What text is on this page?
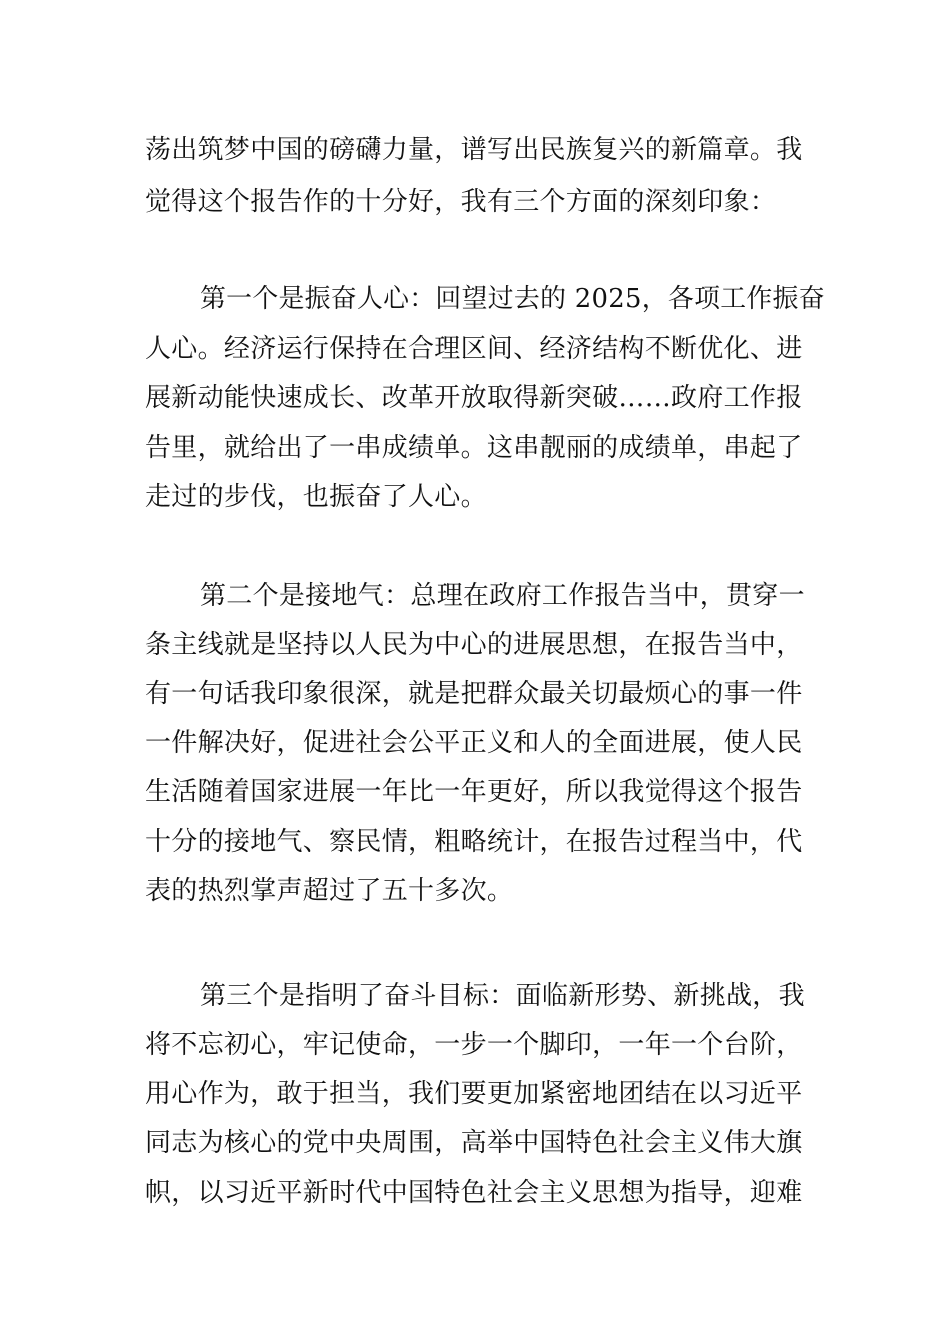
荡出筑梦中国的磅礴力量，谱写出民族复兴的新篇章。我
觉得这个报告作的十分好，我有三个方面的深刻印象：
第一个是振奋人心：回望过去的 2025，各项工作振奋
人心。经济运行保持在合理区间、经济结构不断优化、进
展新动能快速成长、改革开放取得新突破……政府工作报
告里，就给出了一串成绩单。这串靓丽的成绩单，串起了
走过的步伐，也振奋了人心。
第二个是接地气：总理在政府工作报告当中，贯穿一
条主线就是坚持以人民为中心的进展思想，在报告当中，
有一句话我印象很深，就是把群众最关切最烦心的事一件
一件解决好，促进社会公平正义和人的全面进展，使人民
生活随着国家进展一年比一年更好，所以我觉得这个报告
十分的接地气、察民情，粗略统计，在报告过程当中，代
表的热烈掌声超过了五十多次。
第三个是指明了奋斗目标：面临新形势、新挑战，我
将不忘初心，牢记使命，一步一个脚印，一年一个台阶，
用心作为，敢于担当，我们要更加紧密地团结在以习近平
同志为核心的党中央周围，高举中国特色社会主义伟大旗
帜，以习近平新时代中国特色社会主义思想为指导，迎难
